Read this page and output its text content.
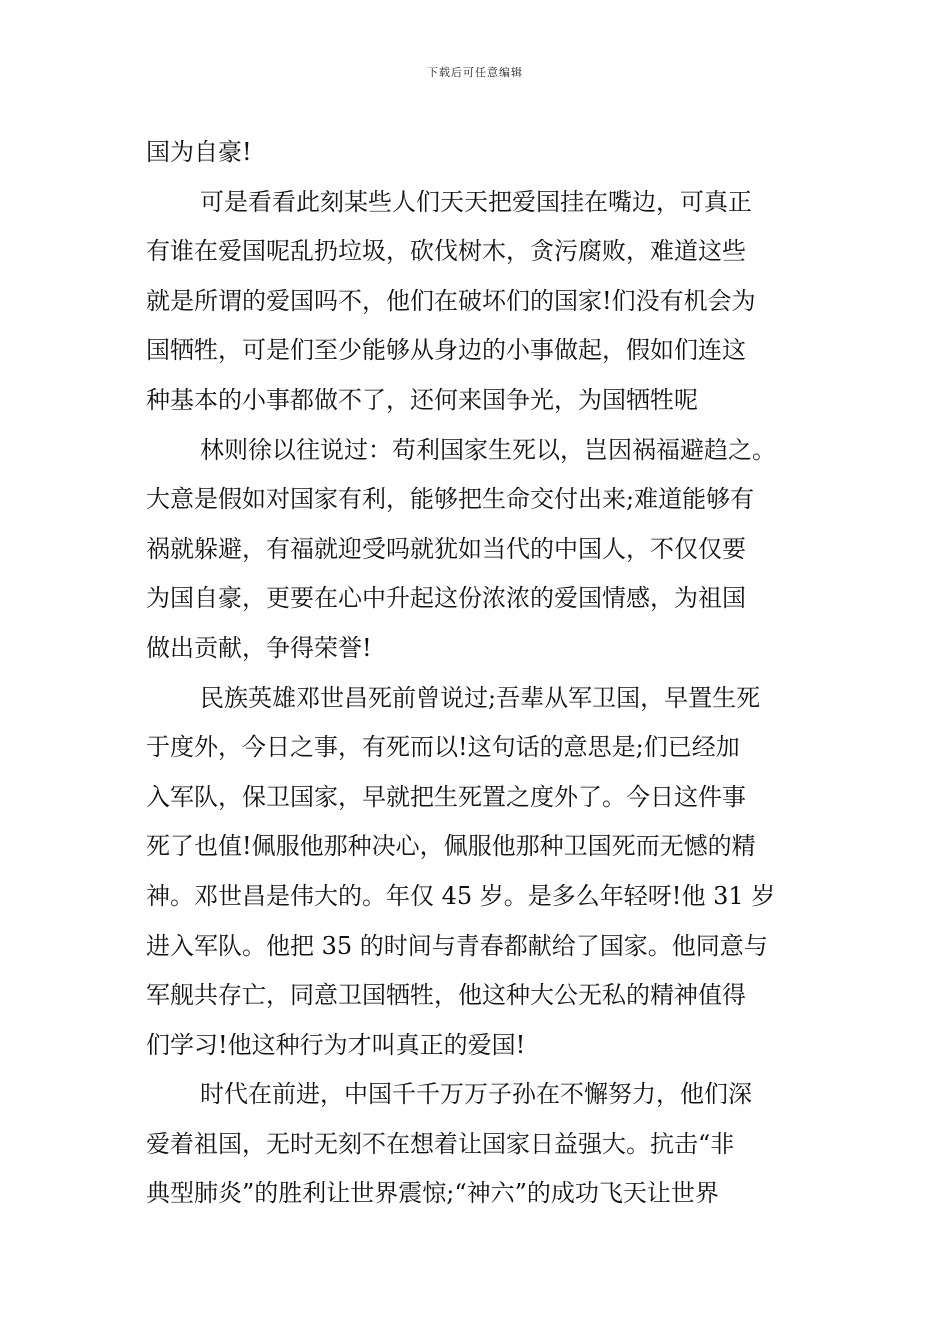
下载后可任意编辑
国为自豪!
可是看看此刻某些人们天天把爱国挂在嘴边，可真正
有谁在爱国呢乱扔垃圾，砍伐树木，贪污腐败，难道这些
就是所谓的爱国吗不，他们在破坏们的国家!们没有机会为
国牺牲，可是们至少能够从身边的小事做起，假如们连这
种基本的小事都做不了，还何来国争光，为国牺牲呢
林则徐以往说过：苟利国家生死以，岂因祸福避趋之。
大意是假如对国家有利，能够把生命交付出来;难道能够有
祸就躲避，有福就迎受吗就犹如当代的中国人，不仅仅要
为国自豪，更要在心中升起这份浓浓的爱国情感，为祖国
做出贡献，争得荣誉!
民族英雄邓世昌死前曾说过;吾辈从军卫国，早置生死
于度外，今日之事，有死而以!这句话的意思是;们已经加
入军队，保卫国家，早就把生死置之度外了。今日这件事
死了也值!佩服他那种决心，佩服他那种卫国死而无憾的精
神。邓世昌是伟大的。年仅 45 岁。是多么年轻呀!他 31 岁
进入军队。他把 35 的时间与青春都献给了国家。他同意与
军舰共存亡，同意卫国牺牲，他这种大公无私的精神值得
们学习!他这种行为才叫真正的爱国!
时代在前进，中国千千万万子孙在不懈努力，他们深
爱着祖国，无时无刻不在想着让国家日益强大。抗击“非
典型肺炎”的胜利让世界震惊;“神六”的成功飞天让世界
